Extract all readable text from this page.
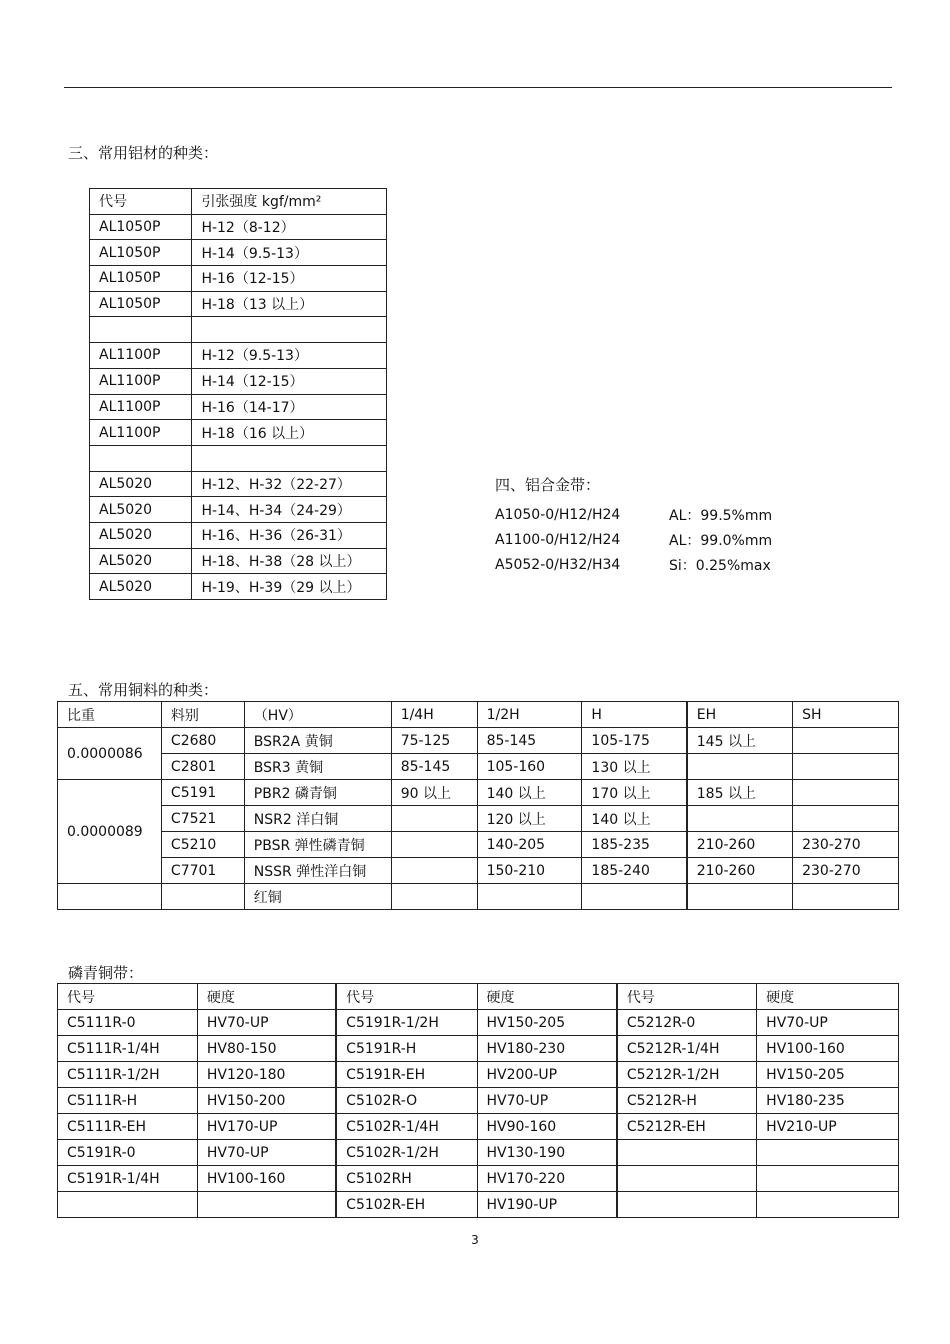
三、常用铝材的种类：
代号	引张强度 kgf/mm²
AL1050P	H-12（8-12）
AL1050P	H-14（9.5-13）
AL1050P	H-16（12-15）
AL1050P	H-18（13 以上）

AL1100P	H-12（9.5-13）
AL1100P	H-14（12-15）
AL1100P	H-16（14-17）
AL1100P	H-18（16 以上）

AL5020	H-12、H-32（22-27）
AL5020	H-14、H-34（24-29）
AL5020	H-16、H-36（26-31）
AL5020	H-18、H-38（28 以上）
AL5020	H-19、H-39（29 以上）
四、铝合金带：
A1050-0/H12/H24	AL：99.5%mm
A1100-0/H12/H24	AL：99.0%mm
A5052-0/H32/H34	Si：0.25%max
五、常用铜料的种类：
比重	料别	（HV）	1/4H	1/2H	H	EH	SH
0.0000086	C2680	BSR2A 黄铜	75-125	85-145	105-175	145 以上	
	C2801	BSR3 黄铜	85-145	105-160	130 以上		
0.0000089	C5191	PBR2 磷青铜	90 以上	140 以上	170 以上	185 以上	
	C7521	NSR2 洋白铜		120 以上	140 以上		
	C5210	PBSR 弹性磷青铜		140-205	185-235	210-260	230-270
	C7701	NSSR 弹性洋白铜		150-210	185-240	210-260	230-270
		红铜					
磷青铜带：
代号	硬度	代号	硬度	代号	硬度
C5111R-0	HV70-UP	C5191R-1/2H	HV150-205	C5212R-0	HV70-UP
C5111R-1/4H	HV80-150	C5191R-H	HV180-230	C5212R-1/4H	HV100-160
C5111R-1/2H	HV120-180	C5191R-EH	HV200-UP	C5212R-1/2H	HV150-205
C5111R-H	HV150-200	C5102R-O	HV70-UP	C5212R-H	HV180-235
C5111R-EH	HV170-UP	C5102R-1/4H	HV90-160	C5212R-EH	HV210-UP
C5191R-0	HV70-UP	C5102R-1/2H	HV130-190		
C5191R-1/4H	HV100-160	C5102RH	HV170-220		
		C5102R-EH	HV190-UP		
3
